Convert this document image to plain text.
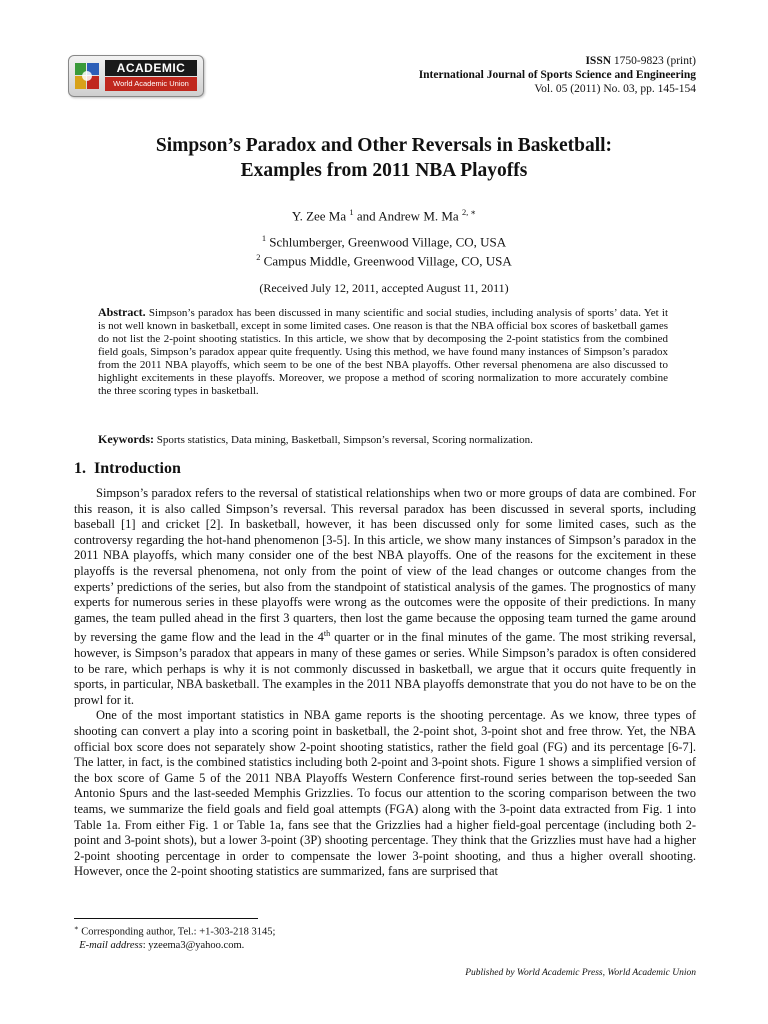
ACADEMIC
World Academic Union
ISSN 1750-9823 (print)
International Journal of Sports Science and Engineering
Vol. 05 (2011) No. 03, pp. 145-154
Simpson’s Paradox and Other Reversals in Basketball:
Examples from 2011 NBA Playoffs
Y. Zee Ma $^1$ and Andrew M. Ma $^{2, ∗}$
$^1$ Schlumberger, Greenwood Village, CO, USA
$^2$ Campus Middle, Greenwood Village, CO, USA
(Received July 12, 2011, accepted August 11, 2011)
Abstract. Simpson’s paradox has been discussed in many scientific and social studies, including analysis of sports’ data. Yet it is not well known in basketball, except in some limited cases. One reason is that the NBA official box scores of basketball games do not list the 2-point shooting statistics. In this article, we show that by decomposing the 2-point statistics from the combined field goals, Simpson’s paradox appear quite frequently. Using this method, we have found many instances of Simpson’s paradox from the 2011 NBA playoffs, which seem to be one of the best NBA playoffs. Other reversal phenomena are also discussed to highlight excitements in these playoffs. Moreover, we propose a method of scoring normalization to more accurately combine the three scoring types in basketball.
Keywords: Sports statistics, Data mining, Basketball, Simpson’s reversal, Scoring normalization.
1. Introduction

Simpson’s paradox refers to the reversal of statistical relationships when two or more groups of data are combined. For this reason, it is also called Simpson’s reversal. This reversal paradox has been discussed in several sports, including baseball [1] and cricket [2]. In basketball, however, it has been discussed only for some limited cases, such as the controversy regarding the hot-hand phenomenon [3-5]. In this article, we show many instances of Simpson’s paradox in the 2011 NBA playoffs, which many consider one of the best NBA playoffs. One of the reasons for the excitement in these playoffs is the reversal phenomena, not only from the point of view of the lead changes or outcome changes from the experts’ predictions of the series, but also from the standpoint of statistical analysis of the games. The prognostics of many experts for numerous series in these playoffs were wrong as the outcomes were the opposite of their predictions. In many games, the team pulled ahead in the first 3 quarters, then lost the game because the opposing team turned the game around by reversing the game flow and the lead in the 4th quarter or in the final minutes of the game. The most striking reversal, however, is Simpson’s paradox that appears in many of these games or series. While Simpson’s paradox is often considered to be rare, which perhaps is why it is not commonly discussed in basketball, we argue that it occurs quite frequently in sports, in particular, NBA basketball. The examples in the 2011 NBA playoffs demonstrate that you do not have to be on the prowl for it.

One of the most important statistics in NBA game reports is the shooting percentage. As we know, three types of shooting can convert a play into a scoring point in basketball, the 2-point shot, 3-point shot and free throw. Yet, the NBA official box score does not separately show 2-point shooting statistics, rather the field goal (FG) and its percentage [6-7]. The latter, in fact, is the combined statistics including both 2-point and 3-point shots. Figure 1 shows a simplified version of the box score of Game 5 of the 2011 NBA Playoffs Western Conference first-round series between the top-seeded San Antonio Spurs and the last-seeded Memphis Grizzlies. To focus our attention to the scoring comparison between the two teams, we summarize the field goals and field goal attempts (FGA) along with the 3-point data extracted from Fig. 1 into Table 1a. From either Fig. 1 or Table 1a, fans see that the Grizzlies had a higher field-goal percentage (including both 2-point and 3-point shots), but a lower 3-point (3P) shooting percentage. They think that the Grizzlies must have had a higher 2-point shooting percentage in order to compensate the lower 3-point shooting, and thus a higher overall shooting. However, once the 2-point shooting statistics are summarized, fans are surprised that

∗ Corresponding author, Tel.: +1-303-218 3145;
E-mail address: yzeema3@yahoo.com.
Published by World Academic Press, World Academic Union
